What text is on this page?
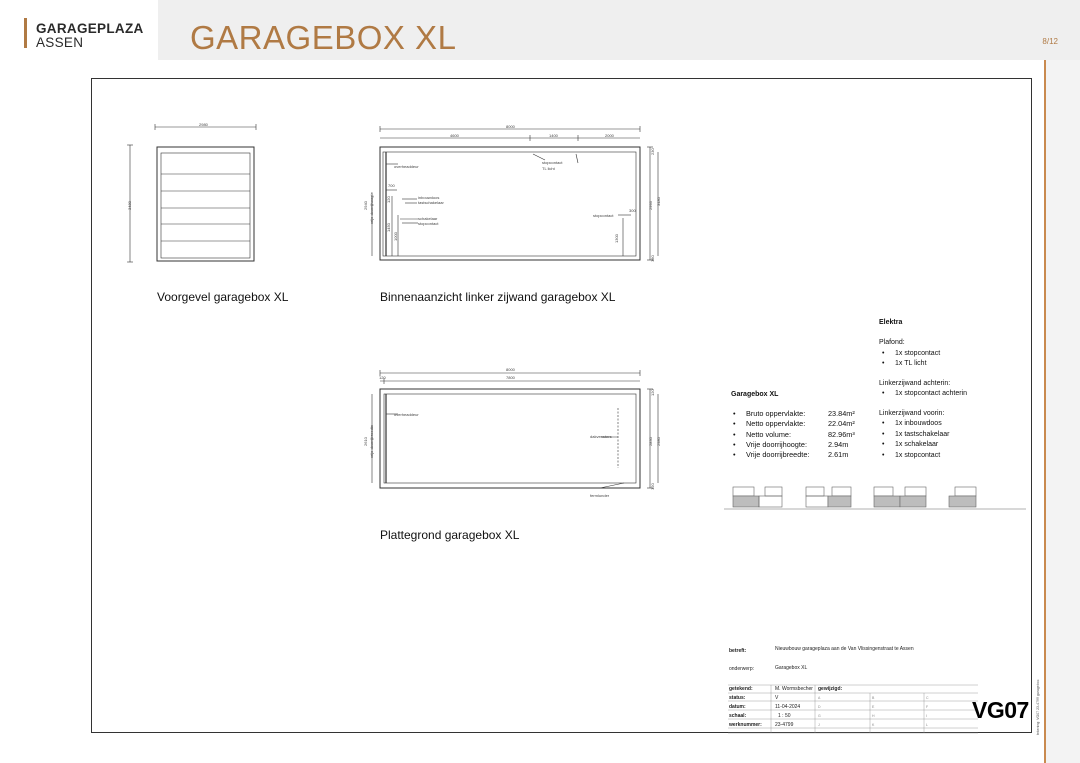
GARAGEPLAZA
ASSEN	GARAGEBOX XL	8/12
2980
3480
Voorgevel garagebox XL
8000
4600	1400	2000
overheaddeur
stopcontact
TL licht
700
inbouwdoos
tastschakelaar
schakelaar
stopcontact
stopcontact
300
2940 vrije doorrijhoogte	120
1450
1000	1300
230
2993 3480
180
Binnenaanzicht linker zijwand garagebox XL
8000
120	7800
overheaddeur
dakvensters
fermlunder
2610 vrije doorrijbreedte	2830 2980
120
120
Plattegrond garagebox XL
Garagebox XL
• Bruto oppervlakte:	23.84m²
• Netto oppervlakte:	22.04m²
• Netto volume:	82.96m³
• Vrije doorrijhoogte:	2.94m
• Vrije doorrijbreedte:	2.61m
Elektra
Plafond:
• 1x stopcontact
• 1x TL licht
Linkerzijwand achterin:
• 1x stopcontact achterin
Linkerzijwand voorin:
• 1x inbouwdoos
• 1x tastschakelaar
• 1x schakelaar
• 1x stopcontact
betreft:	Nieuwbouw garageplaza aan de Van Vlissingenstraat te Assen
onderwerp:	Garagebox XL
getekend:	M. Wormsbecher gewijzigd:
status:	V
datum:	11-04-2024
schaal:	1 : 50
werknummer:	23-4799
A	B	C
D	E	F
G	H	I
J	K	L
VG07 tekening: VG07 23-4799 garagebox
